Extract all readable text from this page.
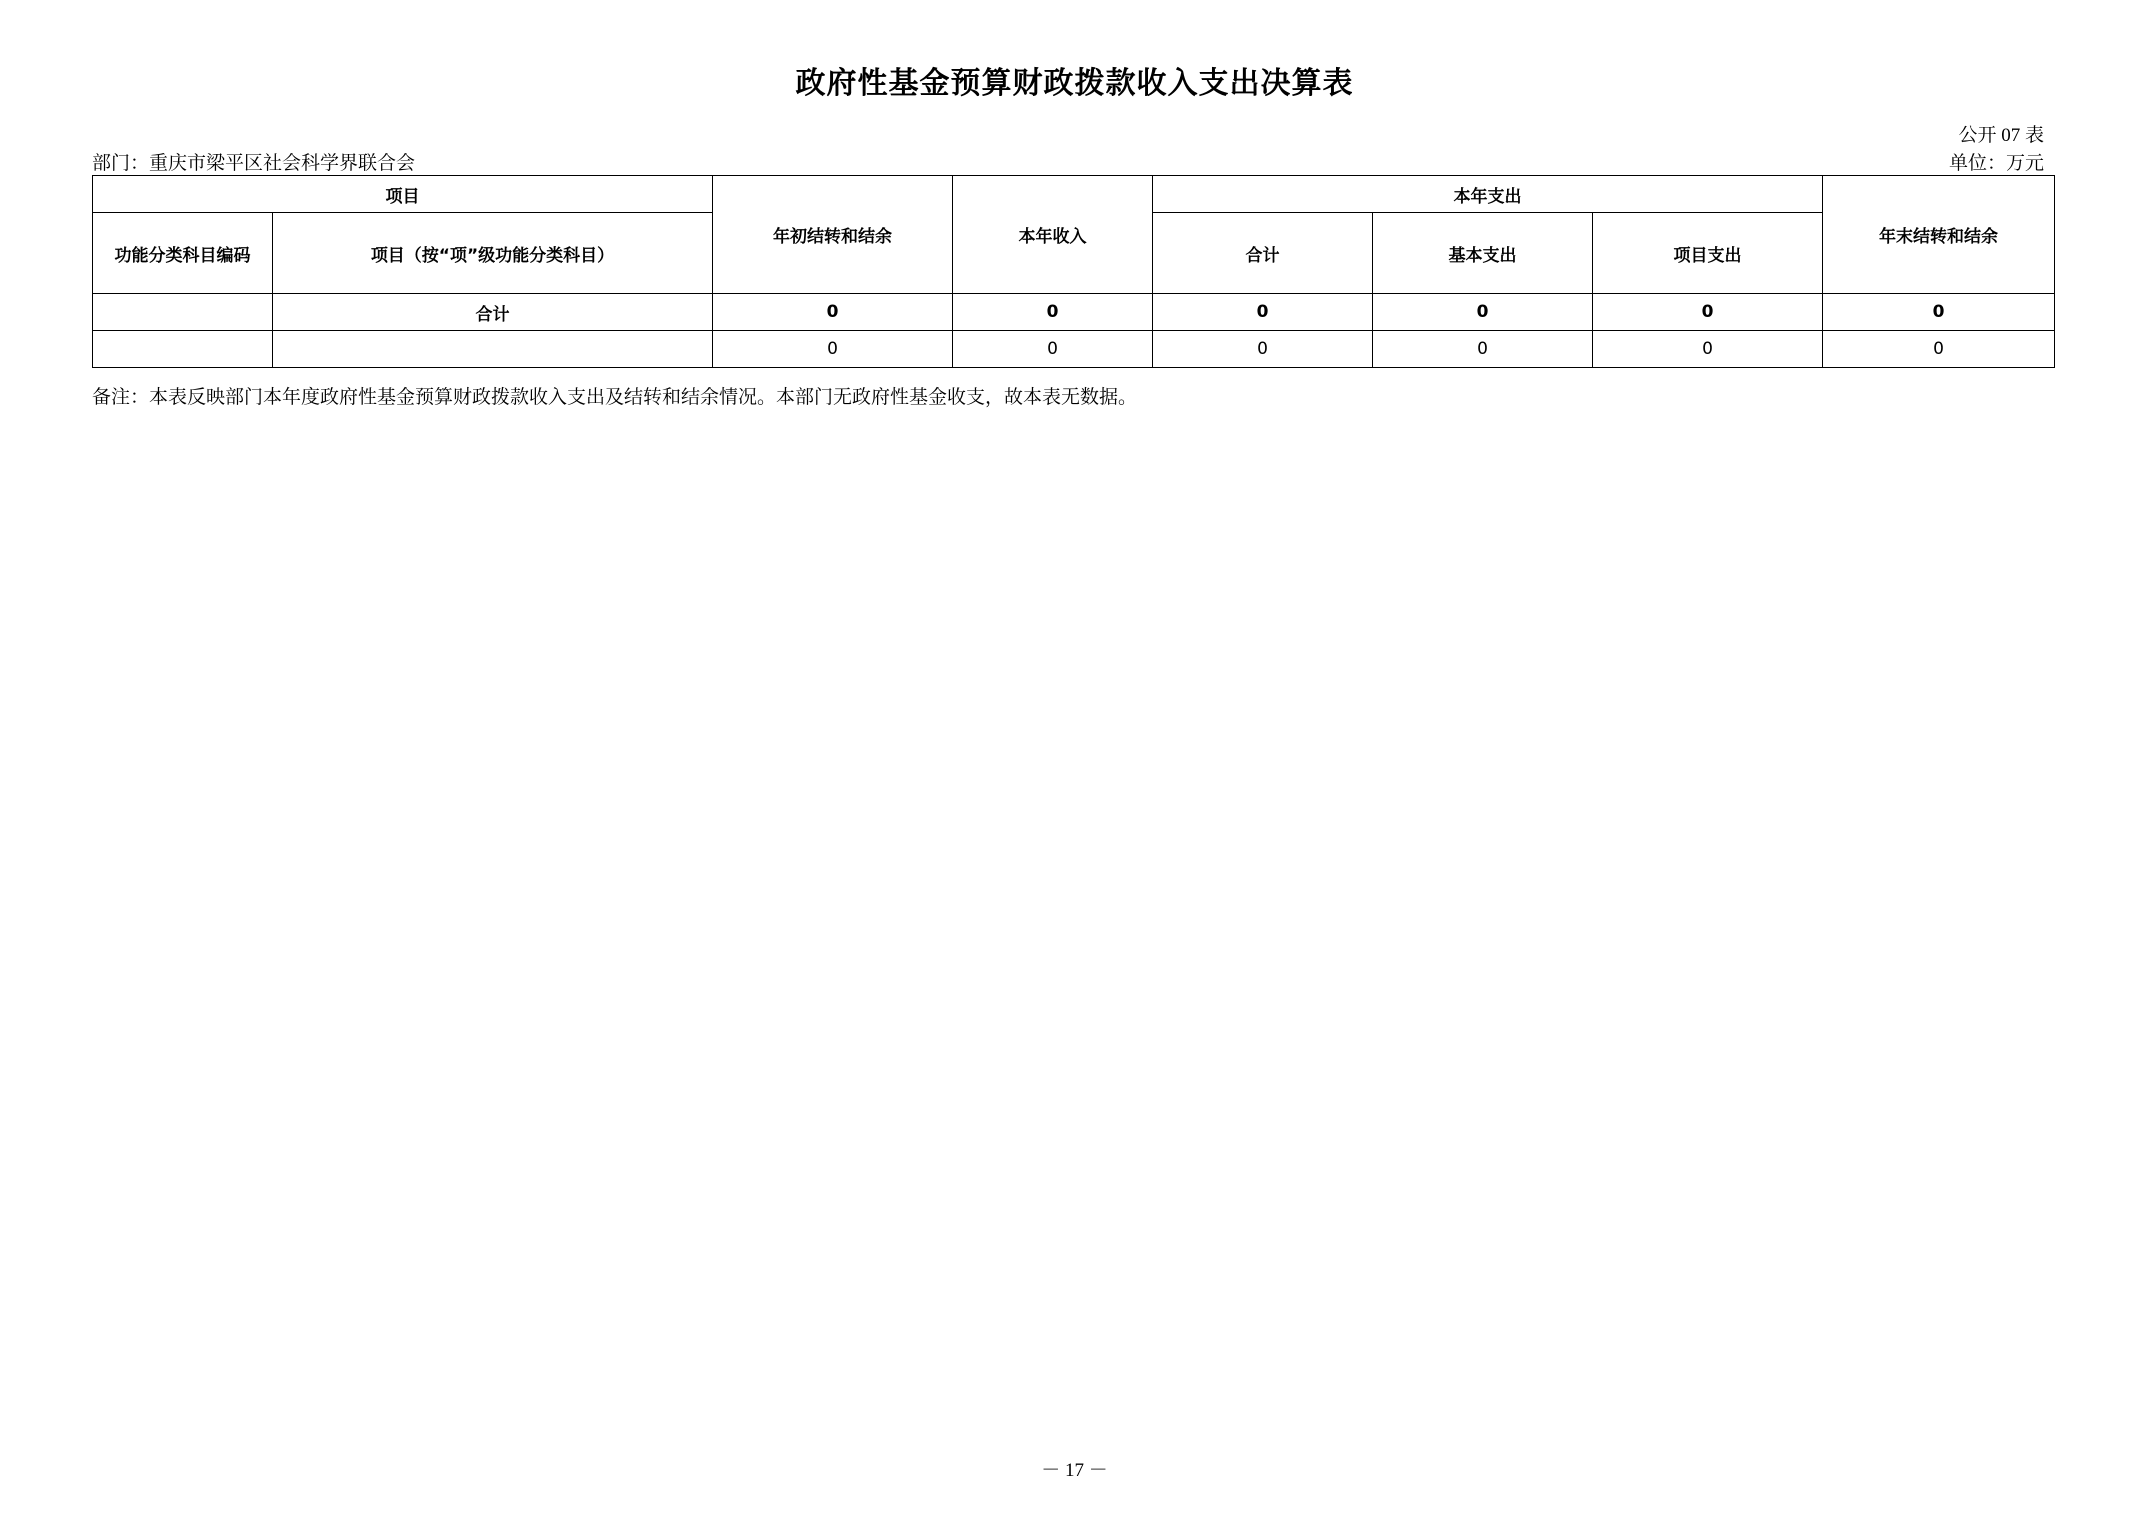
政府性基金预算财政拨款收入支出决算表
公开 07 表
部门：重庆市梁平区社会科学界联合会	单位：万元
项目		年初结转和结余	本年收入	本年支出			年末结转和结余
功能分类科目编码	项目（按“项”级功能分类科目）			合计	基本支出	项目支出	
	合计	0	0	0	0	0	0
		0	0	0	0	0	0
备注：本表反映部门本年度政府性基金预算财政拨款收入支出及结转和结余情况。本部门无政府性基金收支，故本表无数据。
－ 17 －
